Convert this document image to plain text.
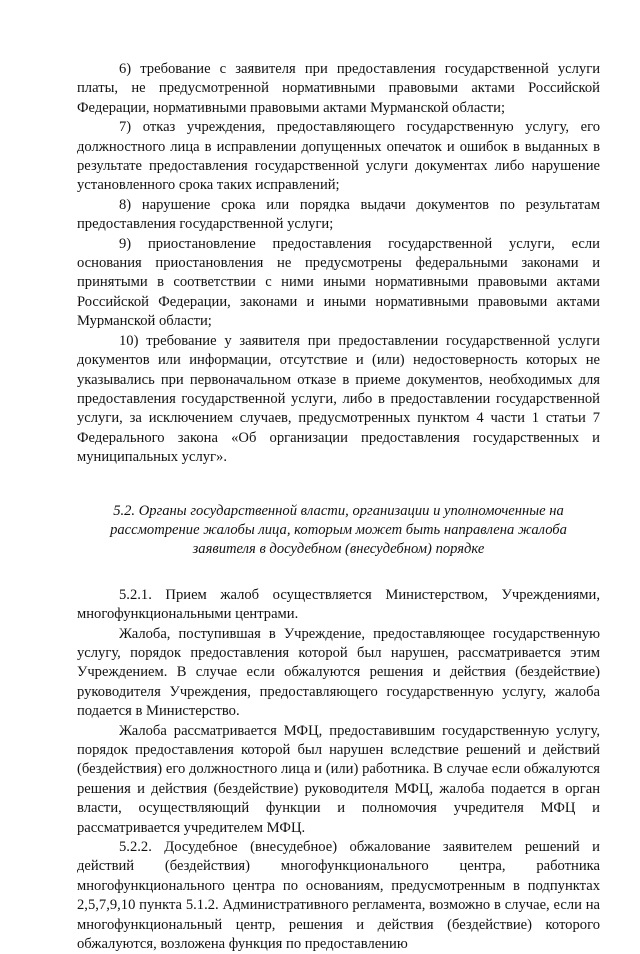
6) требование с заявителя при предоставления государственной услуги платы, не предусмотренной нормативными правовыми актами Российской Федерации, нормативными правовыми актами Мурманской области;

7) отказ учреждения, предоставляющего государственную услугу, его должностного лица в исправлении допущенных опечаток и ошибок в выданных в результате предоставления государственной услуги документах либо нарушение установленного срока таких исправлений;

8) нарушение срока или порядка выдачи документов по результатам предоставления государственной услуги;

9) приостановление предоставления государственной услуги, если основания приостановления не предусмотрены федеральными законами и принятыми в соответствии с ними иными нормативными правовыми актами Российской Федерации, законами и иными нормативными правовыми актами Мурманской области;

10) требование у заявителя при предоставлении государственной услуги документов или информации, отсутствие и (или) недостоверность которых не указывались при первоначальном отказе в приеме документов, необходимых для предоставления государственной услуги, либо в предоставлении государственной услуги, за исключением случаев, предусмотренных пунктом 4 части 1 статьи 7 Федерального закона «Об организации предоставления государственных и муниципальных услуг».

5.2. Органы государственной власти, организации и уполномоченные на рассмотрение жалобы лица, которым может быть направлена жалоба заявителя в досудебном (внесудебном) порядке

5.2.1. Прием жалоб осуществляется Министерством, Учреждениями, многофункциональными центрами.

Жалоба, поступившая в Учреждение, предоставляющее государственную услугу, порядок предоставления которой был нарушен, рассматривается этим Учреждением. В случае если обжалуются решения и действия (бездействие) руководителя Учреждения, предоставляющего государственную услугу, жалоба подается в Министерство.

Жалоба рассматривается МФЦ, предоставившим государственную услугу, порядок предоставления которой был нарушен вследствие решений и действий (бездействия) его должностного лица и (или) работника. В случае если обжалуются решения и действия (бездействие) руководителя МФЦ, жалоба подается в орган власти, осуществляющий функции и полномочия учредителя МФЦ и рассматривается учредителем МФЦ.

5.2.2. Досудебное (внесудебное) обжалование заявителем решений и действий (бездействия) многофункционального центра, работника многофункционального центра по основаниям, предусмотренным в подпунктах 2,5,7,9,10 пункта 5.1.2. Административного регламента, возможно в случае, если на многофункциональный центр, решения и действия (бездействие) которого обжалуются, возложена функция по предоставлению
